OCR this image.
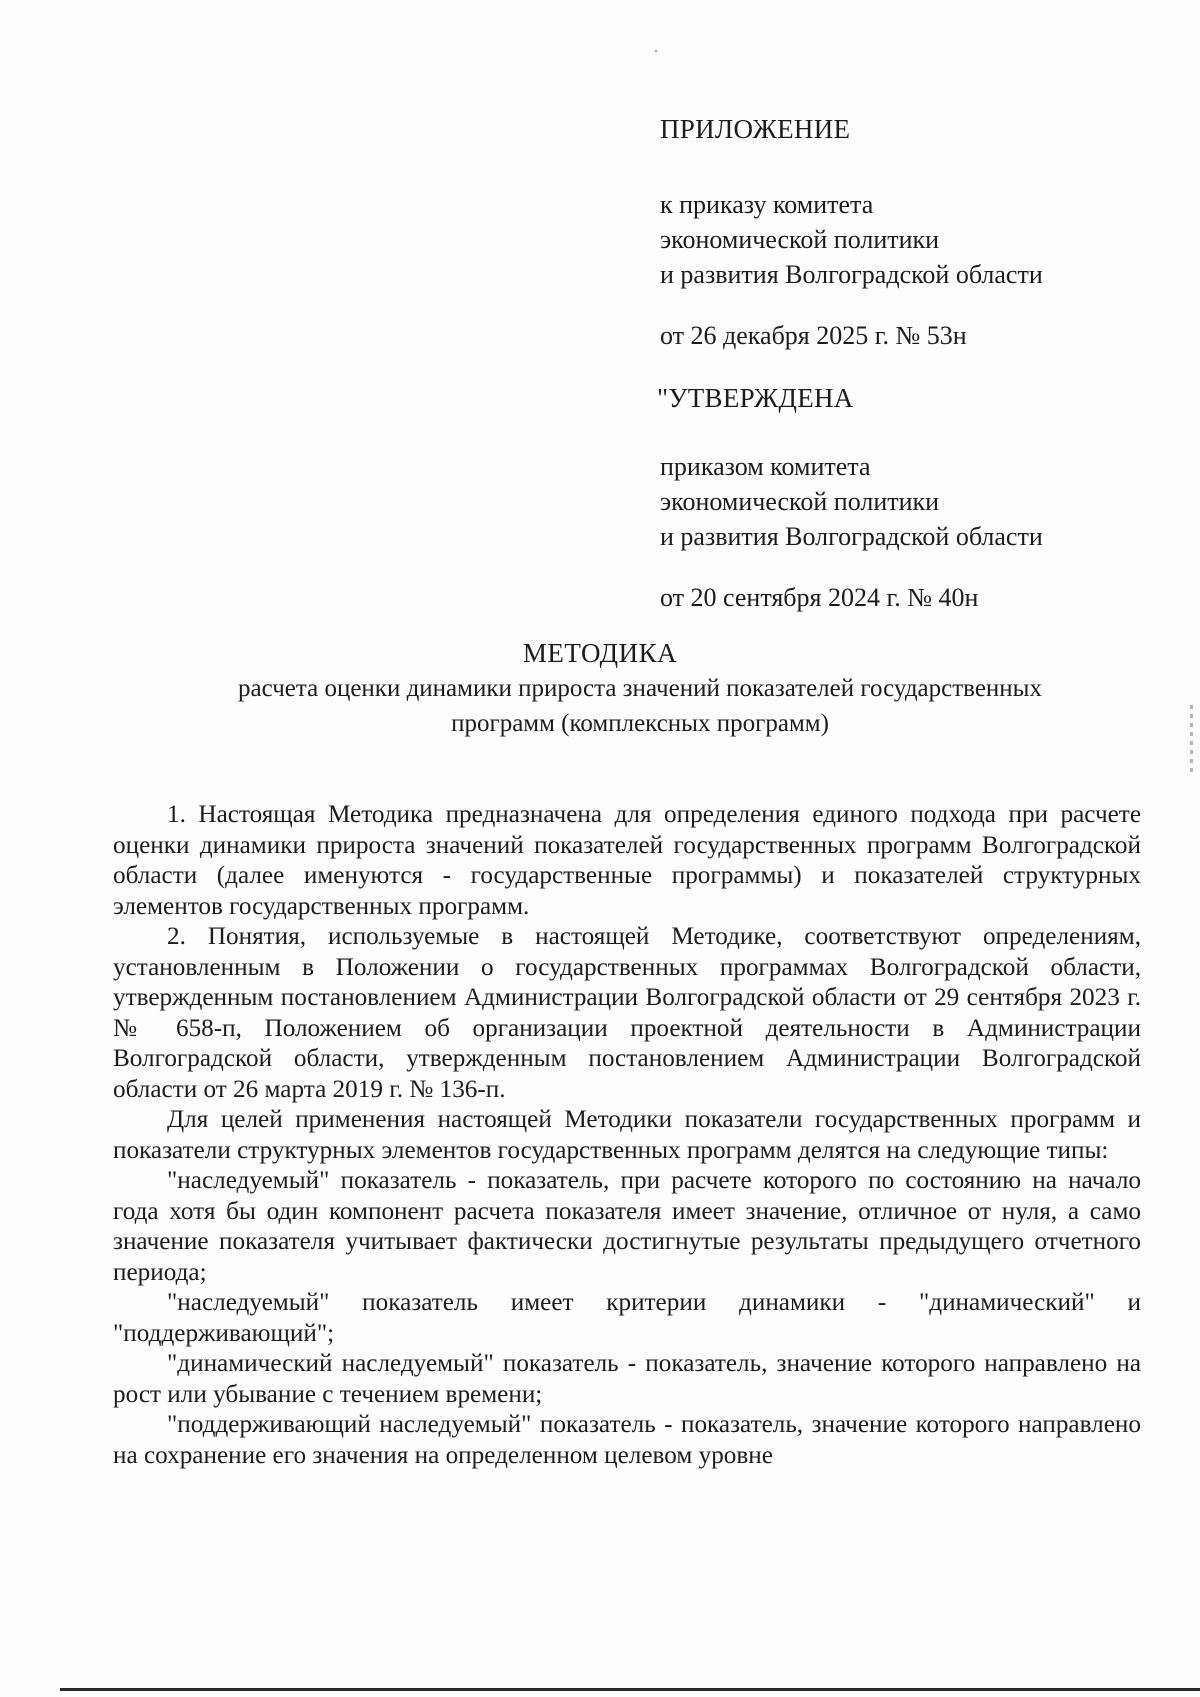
ПРИЛОЖЕНИЕ
к приказу комитета
экономической политики
и развития Волгоградской области
от 26 декабря 2025 г. № 53н
"УТВЕРЖДЕНА
приказом комитета
экономической политики
и развития Волгоградской области
от 20 сентября 2024 г. № 40н
МЕТОДИКА
расчета оценки динамики прироста значений показателей государственных
программ (комплексных программ)

1. Настоящая Методика предназначена для определения единого подхода при расчете оценки динамики прироста значений показателей государственных программ Волгоградской области (далее именуются - государственные программы) и показателей структурных элементов государственных программ.

2. Понятия, используемые в настоящей Методике, соответствуют определениям, установленным в Положении о государственных программах Волгоградской области, утвержденным постановлением Администрации Волгоградской области от 29 сентября 2023 г. № 658-п, Положением об организации проектной деятельности в Администрации Волгоградской области, утвержденным постановлением Администрации Волгоградской области от 26 марта 2019 г. № 136-п.

Для целей применения настоящей Методики показатели государственных программ и показатели структурных элементов государственных программ делятся на следующие типы:

"наследуемый" показатель - показатель, при расчете которого по состоянию на начало года хотя бы один компонент расчета показателя имеет значение, отличное от нуля, а само значение показателя учитывает фактически достигнутые результаты предыдущего отчетного периода;

"наследуемый" показатель имеет критерии динамики - "динамический" и "поддерживающий";

"динамический наследуемый" показатель - показатель, значение которого направлено на рост или убывание с течением времени;

"поддерживающий наследуемый" показатель - показатель, значение которого направлено на сохранение его значения на определенном целевом уровне
